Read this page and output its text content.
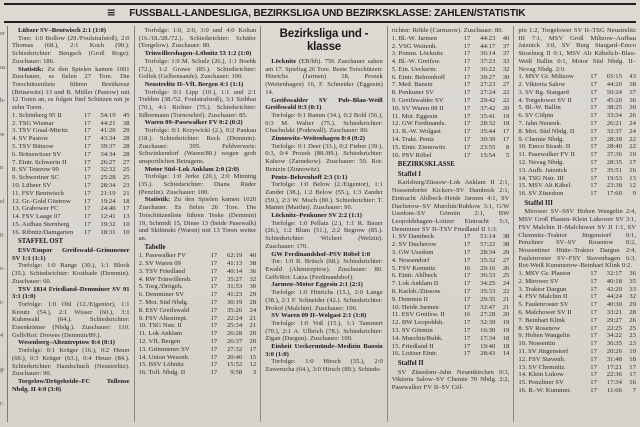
≡ FUSSBALL-LANDESLIGA, BEZIRKSLIGA UND BEZIRKSKLASSE: ZAHLEN/STATISTIK
er
us
h-
w
n
el
0
e-
i-
4
g-
r:
Lübzer SV–Bentwisch 2:1 (1:0)
Tore: 1:0 Bollow (29./Foulstrafstoß), 2:0 Thomas (68.), 2:1 Koch (90.). Schiedsrichter: Bengsch (Groß Roge). Zuschauer: 186.
Statistik: Zu den Spielen kamen 1001 Zuschauer, es fielen 27 Tore. Die Torschützenliste führen Breitkreuz (Brüsewitz) 13 und R. Müller (Pastow) mit 12 Toren an, es folgen fünf Schützen mit je zehn Toren.
1. Schönberg 95 II	17	54:19	45
2. TSG Wismar	17	44:21	38
3. TSV Graal-Müritz	17	41:26	29
4. SV Pastow	17	43:34	28
5. TSV Bützow	17	39:37	28
6. Brüsewitzer SV	17	34:34	28
7. Eintr. Schwerin II	17	26:27	27
8. SV Teterow 90	17	32:32	25
9. Schweriner SC	17	25:28	25
10. Lübzer SV	17	28:34	23
11. FSV Bentwisch	17	21:19	21
12. Gr.-Gold Güstrow	17	19:24	18
13. Grabower FC	17	24:40	17
14. FSV Laage 07	17	12:41	13
15. Aufbau Sternberg	17	19:32	10
16. Ribnitz/Damgarten	17	18:31	10
STAFFEL OST
ESV/Empor Greifswald–Grimmener SV 1:1 (1:1)
Torfolge: 1:0 Range (30.), 1:1 Block (35.). Schiedsrichter: Kostbade (Demmin). Zuschauer: 60.
TSV 1814 Friedland–Demminer SV 91 3:1 (1:0)
Torfolge: 1:0 Ohl (12./Eigentor), 1:1 Kreutz (54.), 2:1 Wisser (60.), 3:1 Kuhnwald (64.). Schiedsrichter: Eisenkrämer (Nbdg.). Zuschauer: 110. Gelb/Rot: Drewes (Demmin/89.).
Wesenberg–Altentreptow 0:4 (0:1)
Torfolge: 0:1 Krüger (16.), 0:2 Heuer (60.), 0:3 Krüger (63.), 0:4 Heuer (84.). Schiedsrichter: Handschuch (Neustrelitz). Zuschauer: 90.
Torgelow/Drögeheide–FC Tollense Nbdg. II 4:0 (3:0)
Torfolge: 1:0, 2:0, 3:0 und 4:0 Koltan (16./18./28./72.). Schiedsrichter: Schäfer (Torgelow). Zuschauer: 80.
Trinwillershagen–Löbnitz 53 1:2 (1:0)
Torfolge: 1:0 M. Schulz (26.), 1:1 Boehk (72.), 1:2 Grawe (85.). Schiedsrichter: Gollek (Gelbensande). Zuschauer: 100.
Neustrelitz II–VfL Bergen 4:1 (1:1)
Torfolge: 0:1 Lipp (10.), 1:1 und 2:1 Trebbin (38./52. Foulstrafstoß), 3:1 Szibbat (70.), 4:1 Richter (75.). Schiedsrichter: Silbermann (Tornowhof). Zuschauer: 85.
Waren 09–Pasewalker FV 0:2 (0:2)
Torfolge: 0:1 Krzywicki (2.), 0:2 Pankau (18.). Schiedsrichter: Reck (Demmin). Zuschauer: 395. Feldverweis: Schwinkendorf (Waren/80.) wegen grob unsportlichen Betragens.
Motor Süd–Lok Anklam 2:0 (2:0)
Torfolge: 1:0 Jerke (20.), 2:0 Minning (35.). Schiedsrichter: Diana Räder (Penzlin). Zuschauer: 100.
Statistik: Zu den Spielen kamen 1020 Zuschauer. Es fielen 26 Tore. Die Torschützenliste führen Teske (Demmin) 19, Schmidt 15, Dinse 13 (beide Pasewalk) und Skibinski (Waren) mit 13 Toren weiter an.
Tabelle
1. Pasewalker FV	17	62:19	40
2. SV Waren 09	17	41:13	38
3. TSV Friedland	17	40:14	36
4. RW Trinwillersh.	17	35:27	32
5. Torg./Drögeh.	17	31:53	30
6. Demminer SV	17	41:23	29
7. Mot. Süd Nbdg.	17	30:19	28
8. ESV Greifswald	17	35:26	24
9. FSV Altentrept.	17	22:24	21
10. TSG Nstr. II	17	25:34	21
11. Lok Anklam	17	26:28	20
12. VfL Bergen	17	26:37	20
13. Grimmener SV	17	27:32	17
14. Union Wesenb.	17	20:46	15
15. BSV Löbnitz	17	15:52	12
16. Toll. Nbdg. II	17	9:58	3
Bezirksliga und -klasse
Löcknitz (EB/hh). 756 Zuschauer sahen am 17. Spieltag 26 Tore. Beste Torschützen: Hinrichs (Jarmen) 18, Prozek (Weitenhagen) 16, F. Schneider (Eggesin) 14.
Greifswalder SV Pub–Blau-Weiß Greifswald 0:3 (0:1)
Torfolge: 0:1 Ramm (34.), 0:2 Bohl (56.), 0:3 M. Walter (75.). Schiedsrichter: Chachulski (Podewall). Zuschauer: 80.
Zinnowitz–Weitenhagen 0:4 (0:2)
Torfolge: 0:1 Deer (33.), 0:2 Fieber (39.), 0:3, 0:4 Prozek (88./89.). Schiedsrichter: Kalsow (Zarnekow). Zuschauer: 50. Rot: Bentzin (Zinnowitz).
Pentz–Behrenhoff 2:3 (1:1)
Torfolge: 1:0 Below (2./Eigentor), 1:1 Zander (38.), 1:2 Below (55.), 1:3 Zander (59.), 2:3 W. Much (80.). Schiedsrichter: T. Mantei (Marihn). Zuschauer: 90.
Löcknitz–Penkuner SV 2:2 (1:1)
Torfolge: 1:0 Pellatz (2.), 1:1 R. Bauer (26.), 1:2 Blum (51.), 2:2 Begrow (85.). Schiedsrichter: Wichert (Welzin). Zuschauer: 170.
GW Ferdinandshof–PSV Röbel 1:0
Tor: 1:0 R. Brüsch (68.). Schiedsrichter: Ewald (Altentreptow). Zuschauer: 80. Gelb/Rot: Latza (Ferdinandshof).
Jarmen–Motor Eggesin 2:1 (2:1)
Torfolge: 1:0 Hinrichs (15.), 2:0 Lange (38.), 2:1 F. Schneider (42.). Schiedsrichter: Prokof (Malchin). Zuschauer: 106.
SV Waren 09 II–Wolgast 2:1 (1:0)
Torfolge: 1:0 Voß (15.), 1:1 Tammert (70.), 2:1 A. Ulbrich (78.). Schiedsrichter: Zigan (Dargun). Zuschauer: 100.
Einheit Ueckermünde–Medizin Bansin 3:0 (1:0)
Torfolge: 1:0 Hirsch (35.), 2:0 Zawerucha (64.), 3:0 Hirsch (89.). Schieds-
richter: Röhle (Carmzow). Zuschauer: 80.
1. Bl.-W. Jarmen	17	44:23	40
2. VSG Weitenh.	17	44:17	37
3. Pomm. Löcknitz	17	36:14	37
4. Bl.-W. Greifsw.	17	37:23	33
5. Ein. Ueckerm.	17	36:22	32
6. Eintr. Behrenhoff	17	39:27	30
7. Med. Bansin	17	27:23	27
8. Penkuner SV	17	27:24	22
9. Greifswalder SV	17	29:42	22
10. SV Waren 09 II	17	37:42	20
11. Mot. Eggesin	17	35:41	19
12. GW Ferdinands.	17	28:32	18
13. R.-W. Wolgast	17	35:44	17
14. Trakt. Pentz	17	30:39	17
15. Eintr. Zinnowitz	17	23:55	8
16. PSV Röbel	17	15:54	5
BEZIRKSKLASSE
Staffel I
Karlsburg/Züssow–Lok Anklam II 2:1, Nossendorfer Kickers–SV Dambeck 2:1, Eintracht Ahlbeck–Heide Jarmen 4:1, SV Ducherow–SV Murchin/Rubkow 3:1, G/W Usedom–SV Görmin 2:1, BW Leopoldshagen–Loitzer Eintracht 5:3, Demminer SV II–TSV Friedland II 1:3.
1. SV Dambeck	17	51:14	38
2. SV Ducherow	17	57:22	38
3. GW Usedom	17	28:34	29
4. Nossendorf	17	35:32	27
5. FSV Kemnitz	16	29:16	26
6. Eintr. Ahlbeck	17	36:33	25
7. Lok Anklam II	17	34:25	24
8. Karlsb./Züssow	17	35:33	22
9. Demmin II	17	29:35	21
10. Heide Jarmen	17	32:47	21
11. ESV Greifsw. II	16	27:28	20
12. BW Leopoldsh.	17	32:39	19
13. SV Görmin	17	16:30	19
14. Murchin/Rubk.	17	17:34	18
15. Friedland II	17	19:40	18
16. Loitzer Eintr.	17	28:43	14
Staffel II
SV Züsedom–Jahn Neuenkirchen 0:3, Viktoria Salow–SV Chemie 70 Nbdg. 2:2, Pasewalker FV II–SV Cöl-
pin 1:2, Torgelower SV II–TSG Neustrelitz III 7:1, MSV Groß Miltzow–Aufbau Jatznick 3:0, SV Burg Stargard–Emco Strasburg II 0:1, MSV Alt Käbelich–Blau-Weiß Ballin 0:1, Motor Süd Nbdg. II–Nevag Nbdg. 2:0.
1. MSV Gr. Miltzow	17	65:15	43
2. Viktoria Salow	17	44:20	38
3. SV Bg. Stargard	17	50:24	37
4. Torgelower SV II	17	45:20	36
5. Bl.-W. Ballin	17	38:25	30
6. SV Cölpin	17	33:34	26
7. Jahn Neuenk.	17	26:21	24
8. Mot. Süd Nbdg. II	17	32:37	24
9. Chemie Nbdg.	17	28:39	22
10. Emco Strasb. II	17	28:40	22
11. Pasewalker FV II	17	37:36	19
12. Nevag Nbdg.	17	28:35	17
13. Aufb. Jatznick	17	35:51	16
14. TSG Nstr. III	17	19:53	13
15. MSV Alt Käbel.	17	23:38	12
16. SV Züsedom	17	17:60	9
Staffel III
Mirower SV–SSV Hohen Wangelin 2:4, MSV Groß Plasten–Klein Lukower SV 3:1, FSV Malchin II–Malchower SV II 1:1, SV Chemnitz–Traktor Jürgenstorf 0:1, Penzliner SV–SV Rosenow 0:2, Nossentiner Hütte–Traktor Dargun 2:4, Faulenroster SV–FSV Stavenhagen 6:3, Rot-Weiß Kummerow–Beinhart Klink 0:2.
1. MSV Gr. Plasten	17	32:17	36
2. Mirower SV	17	40:18	35
3. Traktor Dargun	17	42:20	33
4. FSV Malchin II	17	44:24	32
5. Faulenroster SV	17	40:30	29
6. Malchower SV II	17	33:21	28
7. Beinhart Klink	17	29:27	26
8. SV Rosenow	17	22:25	25
9. Hohen Wangelin	17	34:22	23
10. Nossentin	17	36:35	23
11. SV Jürgenstorf	17	20:26	19
12. FSV Stavenh.	17	31:48	18
13. SV Chemnitz	17	17:21	17
14. Klein Lukow	17	22:36	17
15. Penzliner SV	17	17:34	16
16. R.-W. Kummer.	17	11:66	7
